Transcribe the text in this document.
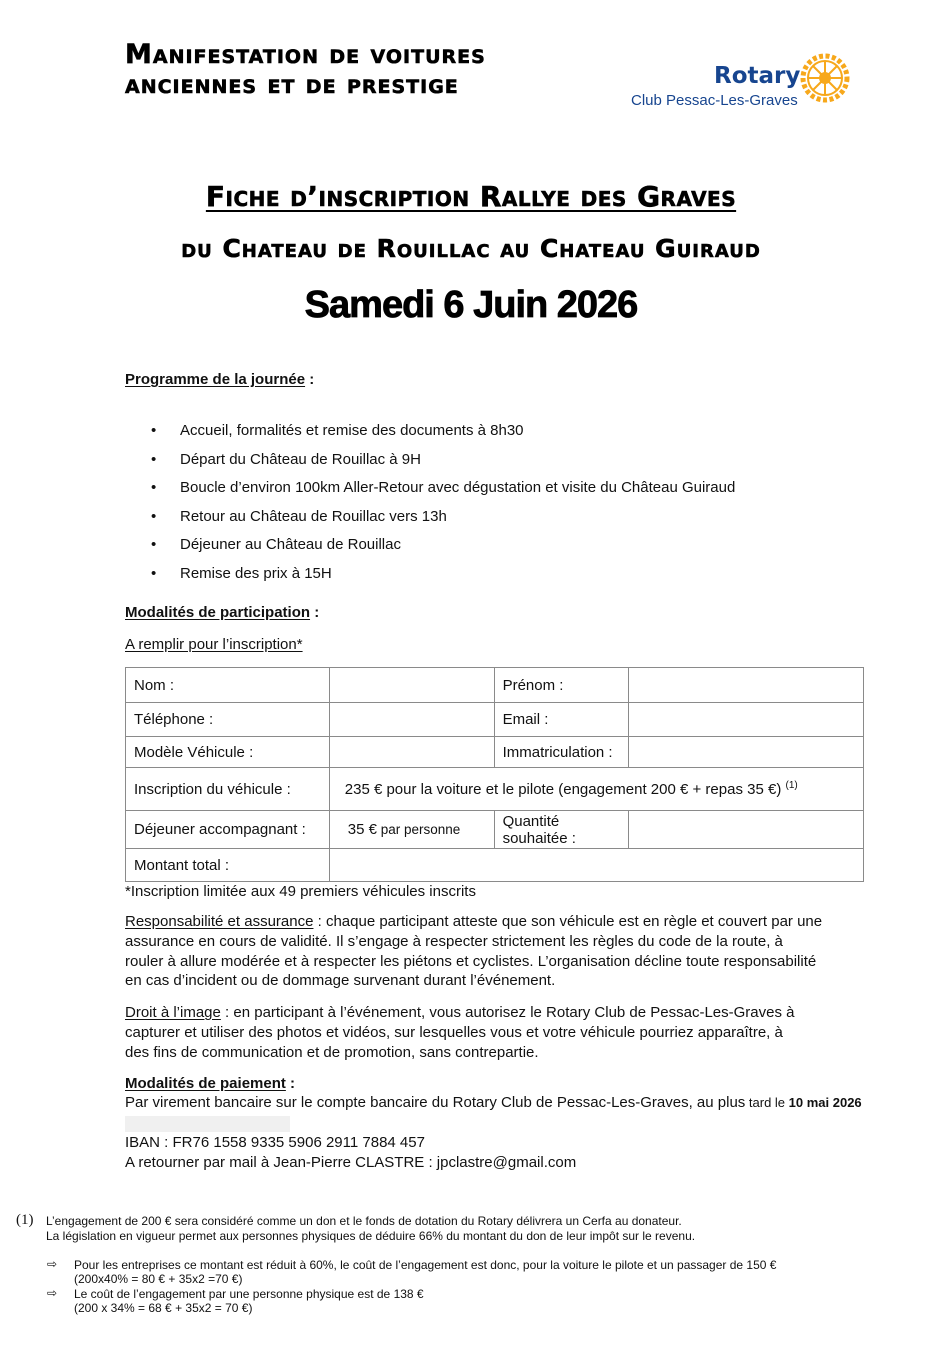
Manifestation de voitures
anciennes et de prestige	Rotary
Club Pessac-Les-Graves
Fiche d’inscription Rallye des Graves
du Chateau de Rouillac au Chateau Guiraud
Samedi 6 Juin 2026
Programme de la journée :
• Accueil, formalités et remise des documents à 8h30
• Départ du Château de Rouillac à 9H
• Boucle d’environ 100km Aller-Retour avec dégustation et visite du Château Guiraud
• Retour au Château de Rouillac vers 13h
• Déjeuner au Château de Rouillac
• Remise des prix à 15H
Modalités de participation :
A remplir pour l’inscription*
Nom :		Prénom :	
Téléphone :		Email :	
Modèle Véhicule :		Immatriculation :	
Inscription du véhicule :	235 € pour la voiture et le pilote (engagement 200 € + repas 35 €) $^{(1)}$
Déjeuner accompagnant :	35 € par personne	Quantité souhaitée :	
Montant total :			
*Inscription limitée aux 49 premiers véhicules inscrits
Responsabilité et assurance : chaque participant atteste que son véhicule est en règle et couvert par une assurance en cours de validité. Il s’engage à respecter strictement les règles du code de la route, à rouler à allure modérée et à respecter les piétons et cyclistes. L’organisation décline toute responsabilité en cas d’incident ou de dommage survenant durant l’événement.
Droit à l’image : en participant à l’événement, vous autorisez le Rotary Club de Pessac-Les-Graves à capturer et utiliser des photos et vidéos, sur lesquelles vous et votre véhicule pourriez apparaître, à des fins de communication et de promotion, sans contrepartie.
Modalités de paiement :
Par virement bancaire sur le compte bancaire du Rotary Club de Pessac-Les-Graves, au plus tard le 10 mai 2026
IBAN : FR76 1558 9335 5906 2911 7884 457
A retourner par mail à Jean-Pierre CLASTRE : jpclastre@gmail.com
(1) L’engagement de 200 € sera considéré comme un don et le fonds de dotation du Rotary délivrera un Cerfa au donateur.
La législation en vigueur permet aux personnes physiques de déduire 66% du montant du don de leur impôt sur le revenu.
⇨ Pour les entreprises ce montant est réduit à 60%, le coût de l’engagement est donc, pour la voiture le pilote et un passager de 150 €
(200x40% = 80 € + 35x2 =70 €)
⇨ Le coût de l’engagement par une personne physique est de 138 €
(200 x 34% = 68 € + 35x2 = 70 €)
